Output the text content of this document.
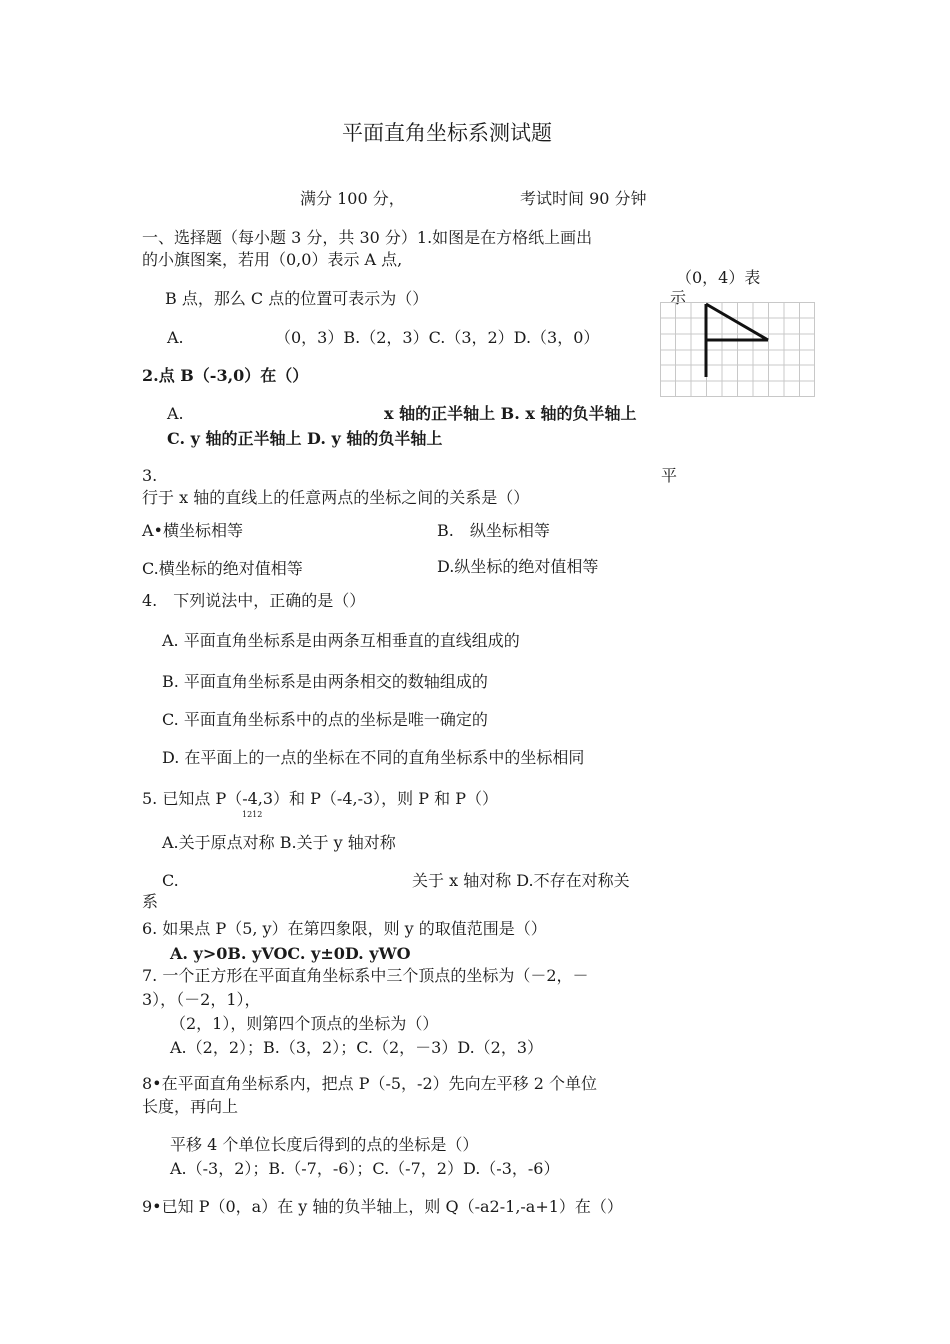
平面直角坐标系测试题
满分 100 分，	考试时间 90 分钟
一、选择题（每小题 3 分，共 30 分）1.如图是在方格纸上画出
的小旗图案，若用（0,0）表示 A 点,
（0，4）表
示
B 点，那么 C 点的位置可表示为（）
A.	（0，3）B.（2，3）C.（3，2）D.（3，0）
2.点 B（-3,0）在（）
A.	x 轴的正半轴上 B. x 轴的负半轴上
C. y 轴的正半轴上 D. y 轴的负半轴上
3.	平
行于 x 轴的直线上的任意两点的坐标之间的关系是（）
A•横坐标相等	B.　纵坐标相等
C.横坐标的绝对值相等	D.纵坐标的绝对值相等
4.　下列说法中，正确的是（）
A. 平面直角坐标系是由两条互相垂直的直线组成的
B. 平面直角坐标系是由两条相交的数轴组成的
C. 平面直角坐标系中的点的坐标是唯一确定的
D. 在平面上的一点的坐标在不同的直角坐标系中的坐标相同
5. 已知点 P（-4,3）和 P（-4,-3），则 P 和 P（）
1212
A.关于原点对称 B.关于 y 轴对称
C.	关于 x 轴对称 D.不存在对称关
系
6. 如果点 P（5, y）在第四象限，则 y 的取值范围是（）
A. y>0B. yVOC. y±0D. yWO
7. 一个正方形在平面直角坐标系中三个顶点的坐标为（－2，－
3），（－2，1），
（2，1），则第四个顶点的坐标为（）
A.（2，2）；B.（3，2）；C.（2，－3）D.（2，3）
8•在平面直角坐标系内，把点 P（-5，-2）先向左平移 2 个单位
长度，再向上
平移 4 个单位长度后得到的点的坐标是（）
A.（-3，2）；B.（-7，-6）；C.（-7，2）D.（-3，-6）
9•已知 P（0，a）在 y 轴的负半轴上，则 Q（-a2-1,-a+1）在（）
